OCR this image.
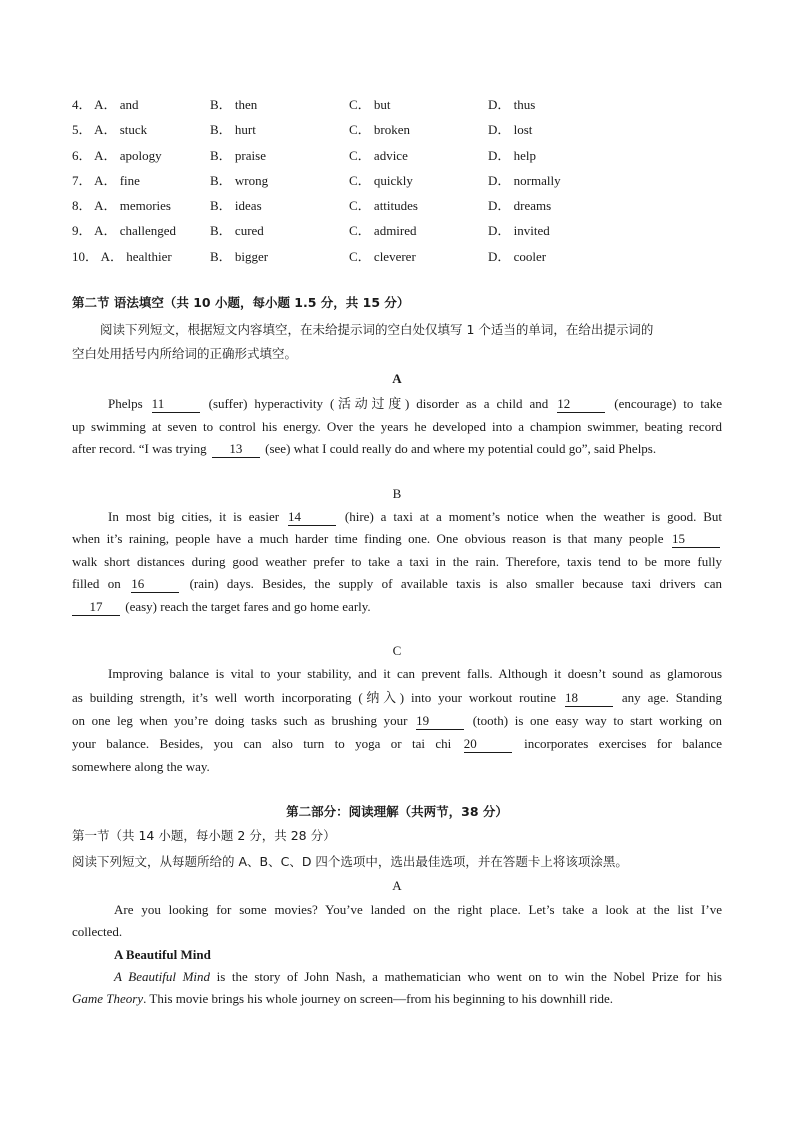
4． A． and	B． then	C． but	D． thus
5． A． stuck	B． hurt	C． broken	D． lost
6． A． apology	B． praise	C． advice	D． help
7． A． fine	B． wrong	C． quickly	D． normally
8． A． memories	B． ideas	C． attitudes	D． dreams
9． A． challenged	B． cured	C． admired	D． invited
10． A． healthier	B． bigger	C． cleverer	D． cooler
第二节 语法填空（共 10 小题，每小题 1.5 分，共 15 分）
阅读下列短文，根据短文内容填空，在未给提示词的空白处仅填写 1 个适当的单词，在给出提示词的
空白处用括号内所给词的正确形式填空。
A
Phelps 11	(suffer) hyperactivity (活动过度) disorder as a child and 12	(encourage) to take
up swimming at seven to control his energy. Over the years he developed into a champion swimmer, beating record
after record. “I was trying 13 (see) what I could really do and where my potential could go”, said Phelps.
B
In most big cities, it is easier 14	(hire) a taxi at a moment’s notice when the weather is good. But
when it’s raining, people have a much harder time finding one. One obvious reason is that many people 15
walk short distances during good weather prefer to take a taxi in the rain. Therefore, taxis tend to be more fully
filled on 16	(rain) days. Besides, the supply of available taxis is also smaller because taxi drivers can
17 (easy) reach the target fares and go home early.
C
Improving balance is vital to your stability, and it can prevent falls. Although it doesn’t sound as glamorous
as building strength, it’s well worth incorporating (纳入) into your workout routine 18	any age. Standing
on one leg when you’re doing tasks such as brushing your 19	(tooth) is one easy way to start working on
your balance. Besides, you can also turn to yoga or tai chi 20	incorporates exercises for balance
somewhere along the way.
第二部分：阅读理解（共两节，38 分）
第一节（共 14 小题，每小题 2 分，共 28 分）
阅读下列短文，从每题所给的 A、B、C、D 四个选项中，选出最佳选项，并在答题卡上将该项涂黑。
A
Are you looking for some movies? You’ve landed on the right place. Let’s take a look at the list I’ve
collected.
A Beautiful Mind
A Beautiful Mind is the story of John Nash, a mathematician who went on to win the Nobel Prize for his
Game Theory. This movie brings his whole journey on screen—from his beginning to his downhill ride.
